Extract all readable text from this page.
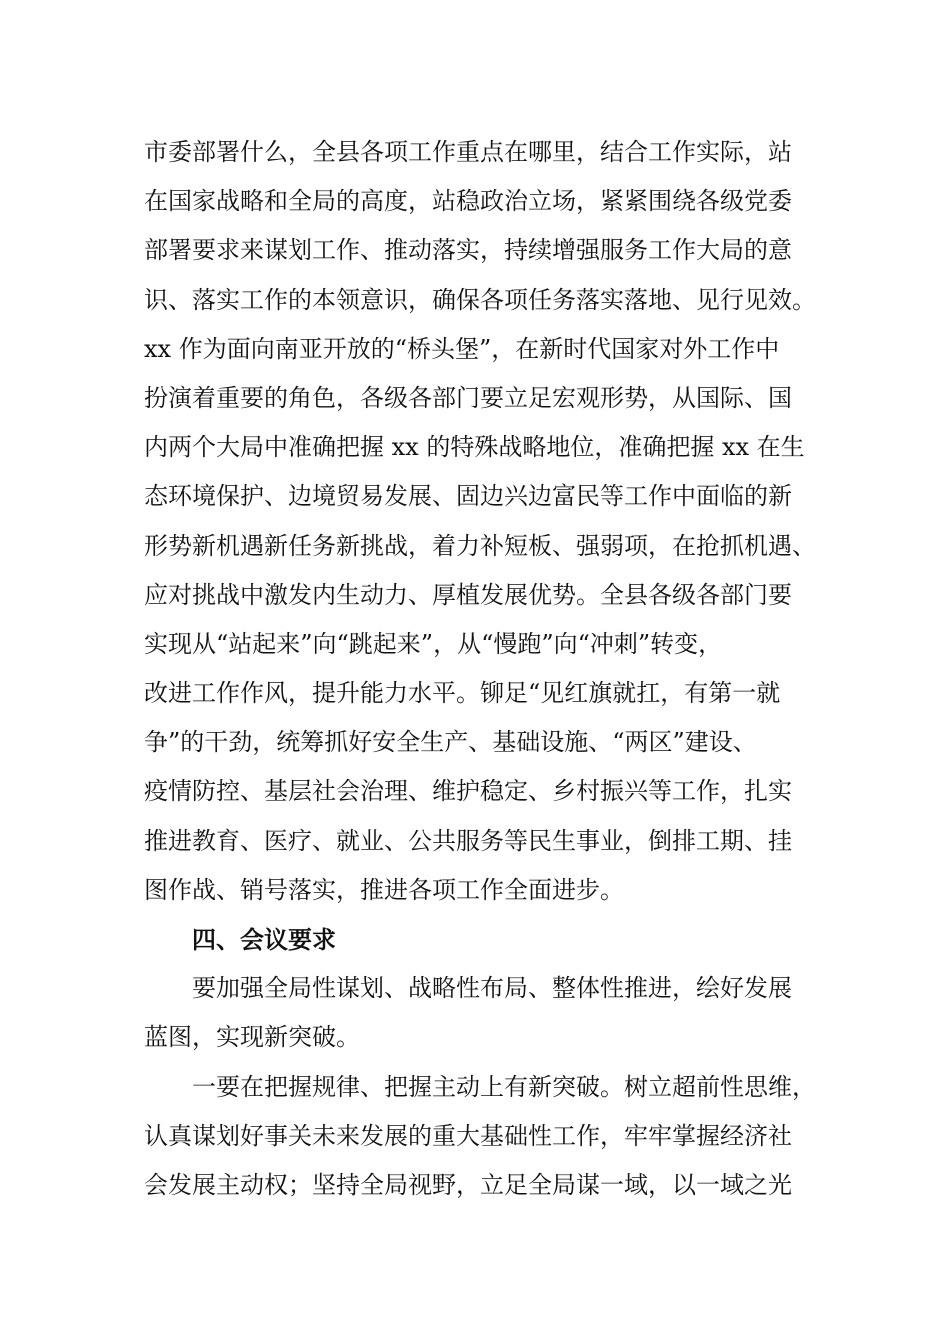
市委部署什么，全县各项工作重点在哪里，结合工作实际，站
在国家战略和全局的高度，站稳政治立场，紧紧围绕各级党委
部署要求来谋划工作、推动落实，持续增强服务工作大局的意
识、落实工作的本领意识，确保各项任务落实落地、见行见效。
xx 作为面向南亚开放的“桥头堡”，在新时代国家对外工作中
扮演着重要的角色，各级各部门要立足宏观形势，从国际、国
内两个大局中准确把握 xx 的特殊战略地位，准确把握 xx 在生
态环境保护、边境贸易发展、固边兴边富民等工作中面临的新
形势新机遇新任务新挑战，着力补短板、强弱项，在抢抓机遇、
应对挑战中激发内生动力、厚植发展优势。全县各级各部门要
实现从“站起来”向“跳起来”，从“慢跑”向“冲刺”转变，
改进工作作风，提升能力水平。铆足“见红旗就扛，有第一就
争”的干劲，统筹抓好安全生产、基础设施、“两区”建设、
疫情防控、基层社会治理、维护稳定、乡村振兴等工作，扎实
推进教育、医疗、就业、公共服务等民生事业，倒排工期、挂
图作战、销号落实，推进各项工作全面进步。
四、会议要求
要加强全局性谋划、战略性布局、整体性推进，绘好发展
蓝图，实现新突破。
一要在把握规律、把握主动上有新突破。树立超前性思维，
认真谋划好事关未来发展的重大基础性工作，牢牢掌握经济社
会发展主动权；坚持全局视野，立足全局谋一域，以一域之光
